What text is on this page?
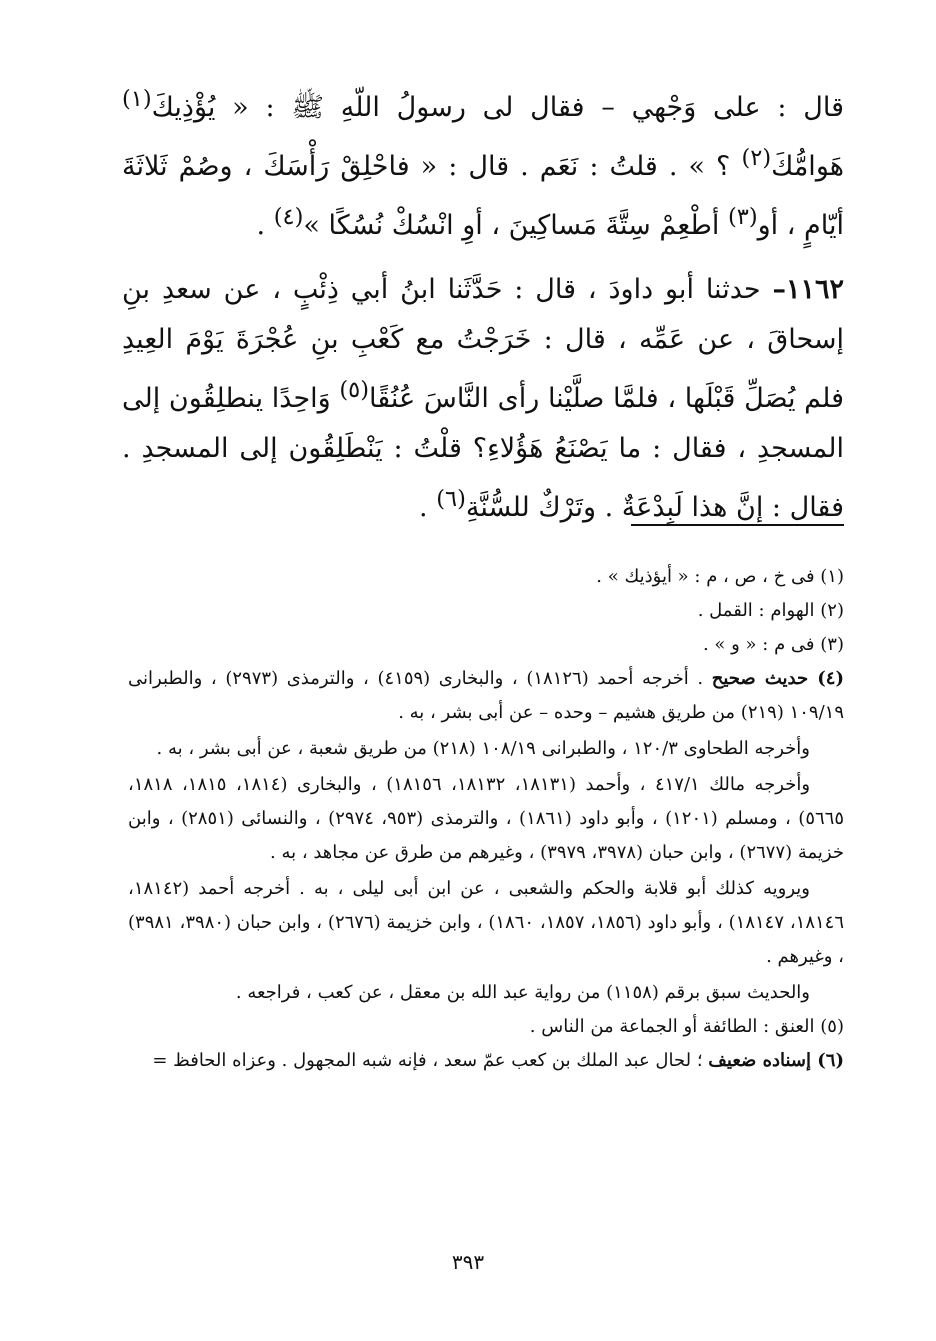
قال : على وَجْهي – فقال لى رسولُ اللّهِ ﷺ : « يُؤْذِيكَ$^{(١)}$ هَوامُّكَ$^{(٢)}$ ؟ » . قلتُ : نَعَم . قال : « فاحْلِقْ رَأْسَكَ ، وصُمْ ثَلاثَةَ أيّامٍ ، أو$^{(٣)}$ أطْعِمْ سِتَّةَ مَساكِينَ ، أوِ انْسُكْ نُسُكًا »$^{(٤)}$ .

١١٦٢– حدثنا أبو داودَ ، قال : حَدَّثَنا ابنُ أبي ذِئْبٍ ، عن سعدِ بنِ إسحاقَ ، عن عَمِّه ، قال : خَرَجْتُ مع كَعْبِ بنِ عُجْرَةَ يَوْمَ العِيدِ فلم يُصَلِّ قَبْلَها ، فلمَّا صلَّيْنا رأى النَّاسَ عُنُقًا$^{(٥)}$ وَاحِدًا ينطلِقُون إلى المسجدِ ، فقال : ما يَصْنَعُ هَؤُلاءِ؟ قلْتُ : يَنْطَلِقُون إلى المسجدِ . فقال : إنَّ هذا لَبِدْعَةٌ . وتَرْكٌ للسُّنَّةِ$^{(٦)}$ .

(١) فى خ ، ص ، م : « أيؤذيك » .

(٢) الهوام : القمل .

(٣) فى م : « و » .

(٤) حديث صحيح . أخرجه أحمد (١٨١٢٦) ، والبخارى (٤١٥٩) ، والترمذى (٢٩٧٣) ، والطبرانى ١٠٩/١٩ (٢١٩) من طريق هشيم – وحده – عن أبى بشر ، به .

وأخرجه الطحاوى ١٢٠/٣ ، والطبرانى ١٠٨/١٩ (٢١٨) من طريق شعبة ، عن أبى بشر ، به .

وأخرجه مالك ٤١٧/١ ، وأحمد (١٨١٣١، ١٨١٣٢، ١٨١٥٦) ، والبخارى (١٨١٤، ١٨١٥، ١٨١٨، ٥٦٦٥) ، ومسلم (١٢٠١) ، وأبو داود (١٨٦١) ، والترمذى (٩٥٣، ٢٩٧٤) ، والنسائى (٢٨٥١) ، وابن خزيمة (٢٦٧٧) ، وابن حبان (٣٩٧٨، ٣٩٧٩) ، وغيرهم من طرق عن مجاهد ، به .

ويرويه كذلك أبو قلابة والحكم والشعبى ، عن ابن أبى ليلى ، به . أخرجه أحمد (١٨١٤٢، ١٨١٤٦، ١٨١٤٧) ، وأبو داود (١٨٥٦، ١٨٥٧، ١٨٦٠) ، وابن خزيمة (٢٦٧٦) ، وابن حبان (٣٩٨٠، ٣٩٨١) ، وغيرهم .

والحديث سبق برقم (١١٥٨) من رواية عبد الله بن معقل ، عن كعب ، فراجعه .

(٥) العنق : الطائفة أو الجماعة من الناس .

(٦) إسناده ضعيف ؛ لحال عبد الملك بن كعب عمّ سعد ، فإنه شبه المجهول . وعزاه الحافظ =

٣٩٣
